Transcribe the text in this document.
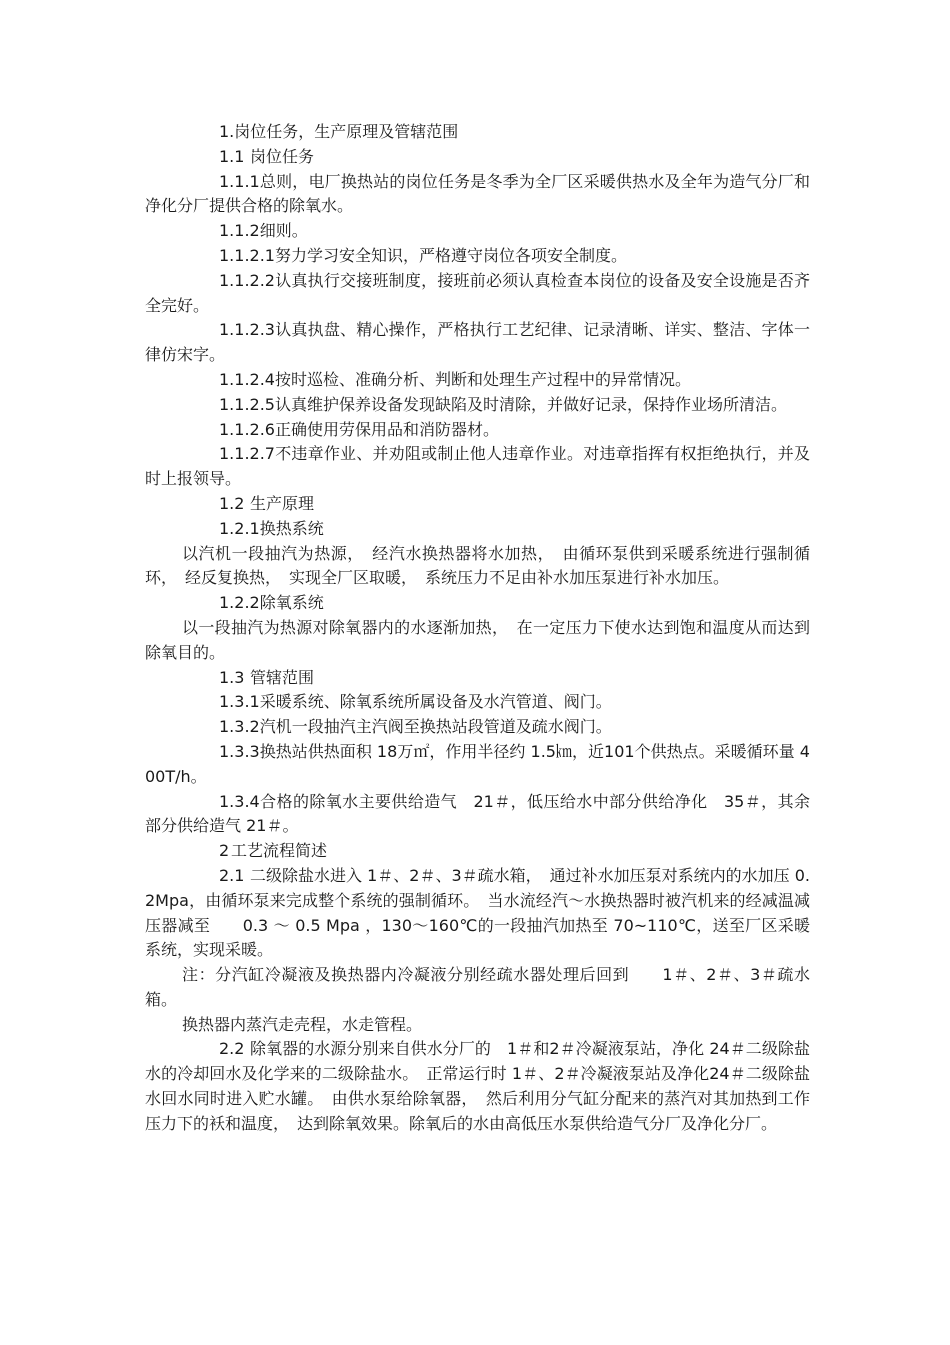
1.岗位任务，生产原理及管辖范围

1.1 岗位任务

1.1.1总则，电厂换热站的岗位任务是冬季为全厂区采暖供热水及全年为造气分厂和净化分厂提供合格的除氧水。

1.1.2细则。

1.1.2.1努力学习安全知识，严格遵守岗位各项安全制度。

1.1.2.2认真执行交接班制度，接班前必须认真检查本岗位的设备及安全设施是否齐全完好。

1.1.2.3认真执盘、精心操作，严格执行工艺纪律、记录清晰、详实、整洁、字体一律仿宋字。

1.1.2.4按时巡检、准确分析、判断和处理生产过程中的异常情况。

1.1.2.5认真维护保养设备发现缺陷及时清除，并做好记录，保持作业场所清洁。

1.1.2.6正确使用劳保用品和消防器材。

1.1.2.7不违章作业、并劝阻或制止他人违章作业。对违章指挥有权拒绝执行，并及时上报领导。

1.2 生产原理

1.2.1换热系统

以汽机一段抽汽为热源，　经汽水换热器将水加热，　由循环泵供到采暖系统进行强制循环，　经反复换热，　实现全厂区取暖，　系统压力不足由补水加压泵进行补水加压。

1.2.2除氧系统

以一段抽汽为热源对除氧器内的水逐渐加热，　在一定压力下使水达到饱和温度从而达到除氧目的。

1.3 管辖范围

1.3.1采暖系统、除氧系统所属设备及水汽管道、阀门。

1.3.2汽机一段抽汽主汽阀至换热站段管道及疏水阀门。

1.3.3换热站供热面积 18万㎡，作用半径约 1.5㎞，近101个供热点。采暖循环量 400T/h。

1.3.4合格的除氧水主要供给造气　21＃，低压给水中部分供给净化　35＃，其余部分供给造气 21＃。

2 工艺流程简述

2.1 二级除盐水进入 1＃、2＃、3＃疏水箱，　通过补水加压泵对系统内的水加压 0.2Mpa，由循环泵来完成整个系统的强制循环。　当水流经汽～水换热器时被汽机来的经减温减压器减至　　0.3 ～ 0.5 Mpa ，130～160℃的一段抽汽加热至 70~110℃，送至厂区采暖系统，实现采暖。

注：分汽缸冷凝液及换热器内冷凝液分别经疏水器处理后回到　　1＃、2＃、3＃疏水箱。

换热器内蒸汽走壳程，水走管程。

2.2 除氧器的水源分别来自供水分厂的　1＃和2＃冷凝液泵站，净化 24＃二级除盐水的冷却回水及化学来的二级除盐水。　正常运行时 1＃、2＃冷凝液泵站及净化24＃二级除盐水回水同时进入贮水罐。　由供水泵给除氧器，　然后利用分气缸分配来的蒸汽对其加热到工作压力下的袄和温度，　达到除氧效果。除氧后的水由高低压水泵供给造气分厂及净化分厂。
